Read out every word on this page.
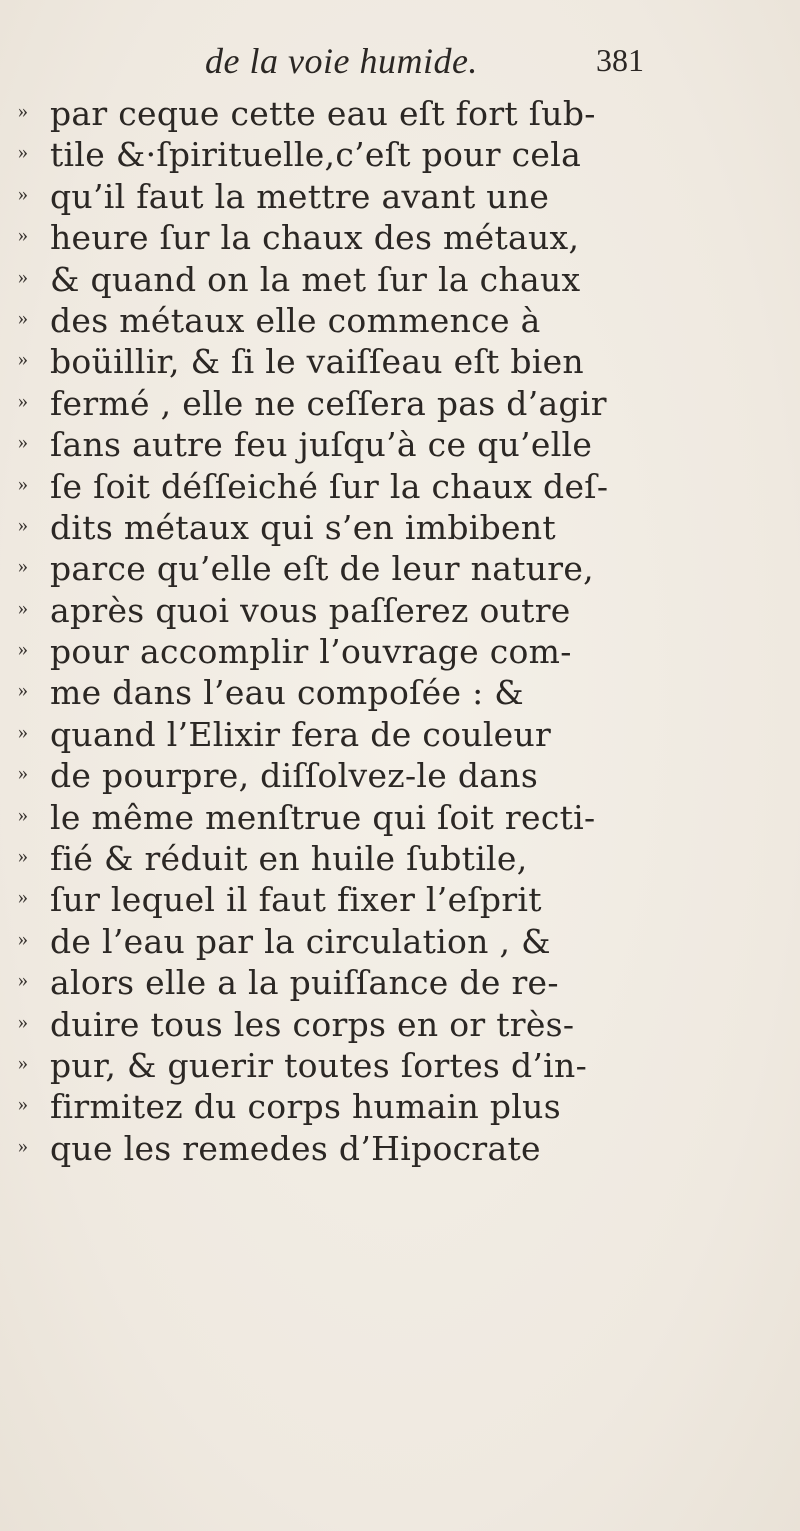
de la voie humide.	381
» par ceque cette eau eſt fort ſub-
» tile &·ſpirituelle,c’eſt pour cela
» qu’il faut la mettre avant une
» heure ſur la chaux des métaux,
» & quand on la met ſur la chaux
» des métaux elle commence à
» boüillir, & ſi le vaiſſeau eſt bien
» fermé , elle ne ceſſera pas d’agir
» ſans autre feu juſqu’à ce qu’elle
» ſe ſoit déſſeiché ſur la chaux deſ-
» dits métaux qui s’en imbibent
» parce qu’elle eſt de leur nature,
» après quoi vous paſſerez outre
» pour accomplir l’ouvrage com-
» me dans l’eau compoſée : &
» quand l’Elixir fera de couleur
» de pourpre, diſſolvez-le dans
» le même menſtrue qui ſoit recti-
» fié & réduit en huile ſubtile,
» ſur lequel il faut fixer l’eſprit
» de l’eau par la circulation , &
» alors elle a la puiſſance de re-
» duire tous les corps en or très-
» pur, & guerir toutes ſortes d’in-
» firmitez du corps humain plus
» que les remedes d’Hipocrate
